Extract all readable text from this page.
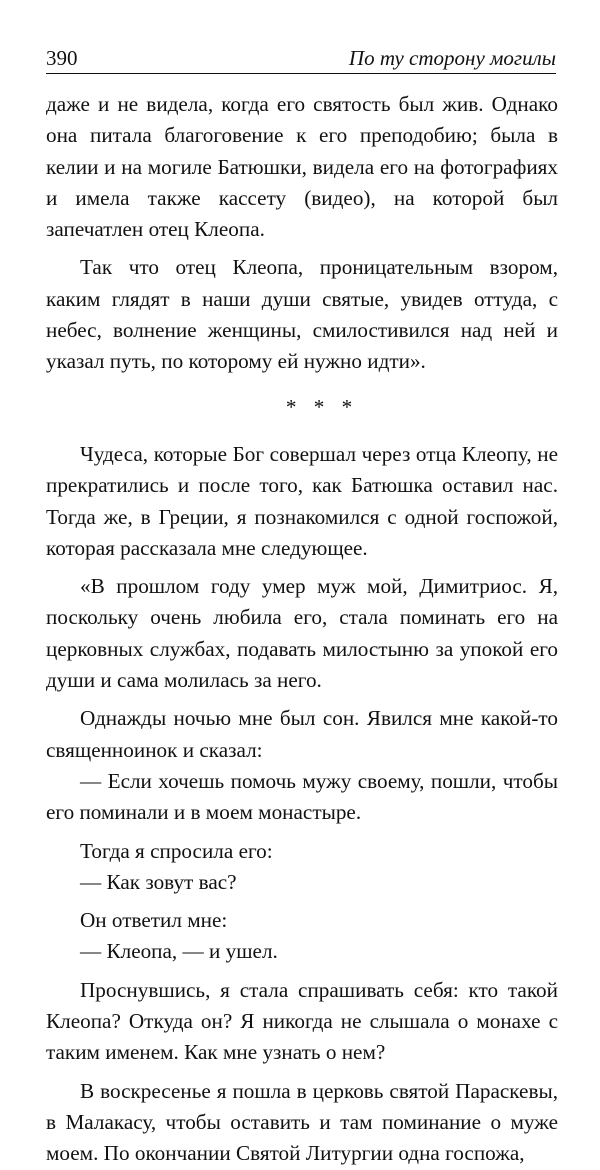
390	По ту сторону могилы

даже и не видела, когда его святость был жив. Однако она питала благоговение к его преподобию; была в келии и на могиле Батюшки, видела его на фотографиях и имела также кассету (видео), на которой был запечатлен отец Клеопа.

Так что отец Клеопа, проницательным взором, каким глядят в наши души святые, увидев оттуда, с небес, волнение женщины, смилостивился над ней и указал путь, по которому ей нужно идти».

* * *

Чудеса, которые Бог совершал через отца Клеопу, не прекратились и после того, как Батюшка оставил нас. Тогда же, в Греции, я познакомился с одной госпожой, которая рассказала мне следующее.

«В прошлом году умер муж мой, Димитриос. Я, поскольку очень любила его, стала поминать его на церковных службах, подавать милостыню за упокой его души и сама молилась за него.

Однажды ночью мне был сон. Явился мне какой-то священноинок и сказал:

— Если хочешь помочь мужу своему, пошли, чтобы его поминали и в моем монастыре.

Тогда я спросила его:

— Как зовут вас?

Он ответил мне:

— Клеопа, — и ушел.

Проснувшись, я стала спрашивать себя: кто такой Клеопа? Откуда он? Я никогда не слышала о монахе с таким именем. Как мне узнать о нем?

В воскресенье я пошла в церковь святой Параскевы, в Малакасу, чтобы оставить и там поминание о муже моем. По окончании Святой Литургии одна госпожа,
